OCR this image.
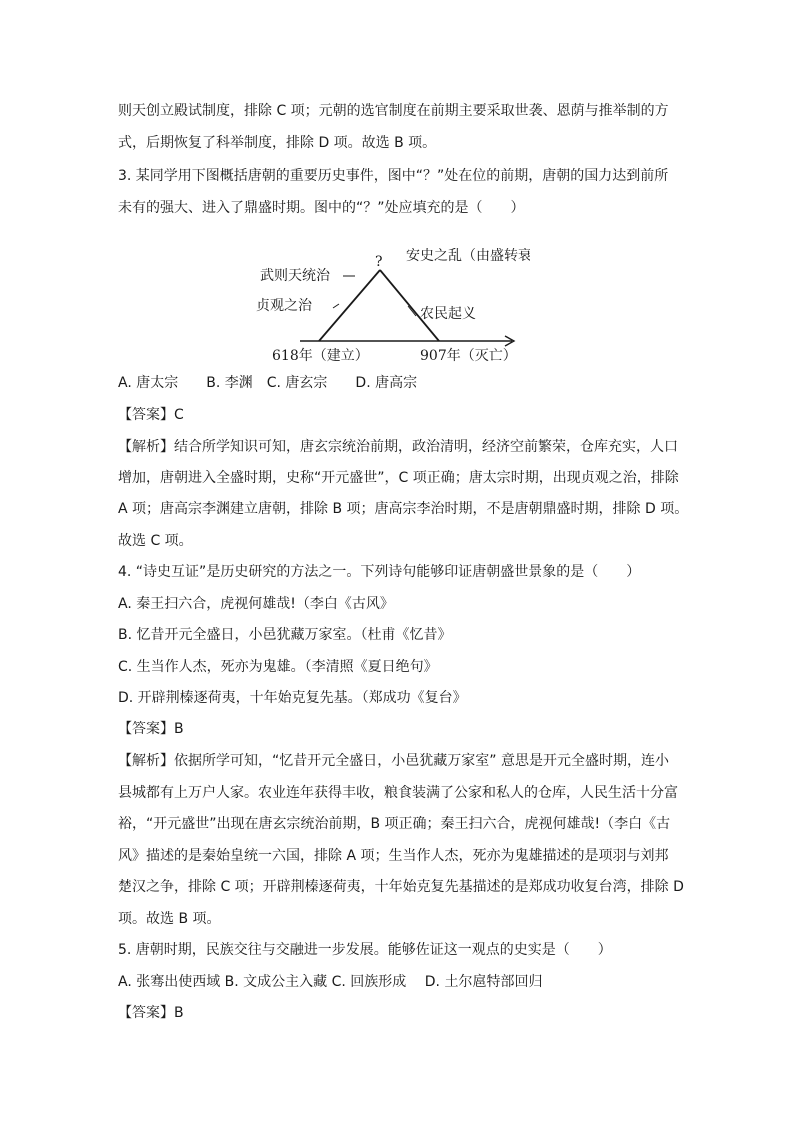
则天创立殿试制度，排除 C 项；元朝的选官制度在前期主要采取世袭、恩荫与推举制的方
式，后期恢复了科举制度，排除 D 项。故选 B 项。
3. 某同学用下图概括唐朝的重要历史事件，图中“？”处在位的前期，唐朝的国力达到前所
未有的强大、进入了鼎盛时期。图中的“？”处应填充的是（　　）
?
武则天统治
贞观之治
安史之乱（由盛转衰
农民起义
618年（建立）	907年（灭亡）
A. 唐太宗　　B. 李渊　C. 唐玄宗　　D. 唐高宗
【答案】C
【解析】结合所学知识可知，唐玄宗统治前期，政治清明，经济空前繁荣，仓库充实，人口
增加，唐朝进入全盛时期，史称“开元盛世”，C 项正确；唐太宗时期，出现贞观之治，排除
A 项；唐高宗李渊建立唐朝，排除 B 项；唐高宗李治时期，不是唐朝鼎盛时期，排除 D 项。
故选 C 项。
4. “诗史互证”是历史研究的方法之一。下列诗句能够印证唐朝盛世景象的是（　　）
A. 秦王扫六合，虎视何雄哉!（李白《古风》
B. 忆昔开元全盛日，小邑犹藏万家室。（杜甫《忆昔》
C. 生当作人杰，死亦为鬼雄。（李清照《夏日绝句》
D. 开辟荆榛逐荷夷，十年始克复先基。（郑成功《复台》
【答案】B
【解析】依据所学可知，“忆昔开元全盛日，小邑犹藏万家室” 意思是开元全盛时期，连小
县城都有上万户人家。农业连年获得丰收，粮食装满了公家和私人的仓库，人民生活十分富
裕，“开元盛世”出现在唐玄宗统治前期，B 项正确；秦王扫六合，虎视何雄哉!（李白《古
风》描述的是秦始皇统一六国，排除 A 项；生当作人杰，死亦为鬼雄描述的是项羽与刘邦
楚汉之争，排除 C 项；开辟荆榛逐荷夷，十年始克复先基描述的是郑成功收复台湾，排除 D
项。故选 B 项。
5. 唐朝时期，民族交往与交融进一步发展。能够佐证这一观点的史实是（　　）
A. 张骞出使西域 B. 文成公主入藏 C. 回族形成　 D. 土尔扈特部回归
【答案】B
